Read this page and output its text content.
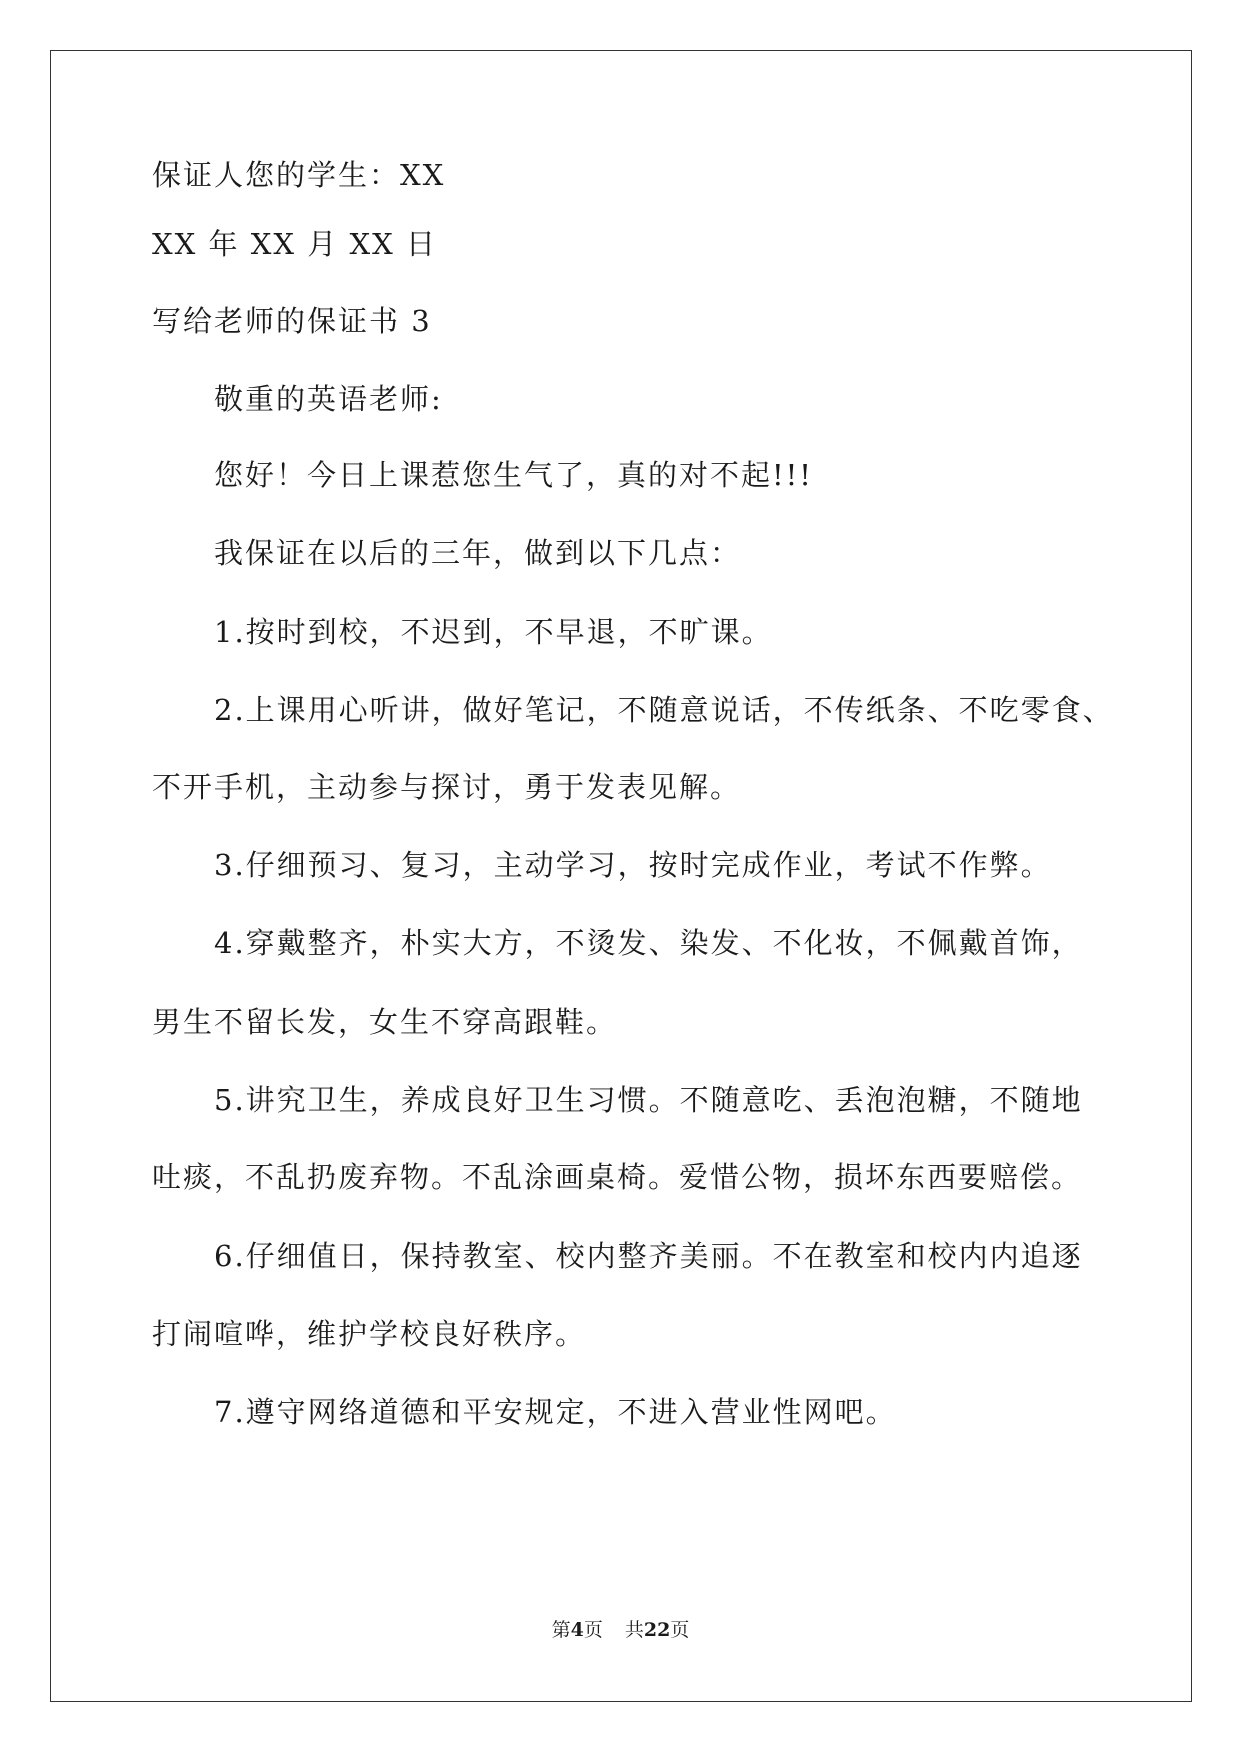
保证人您的学生：XX
XX 年 XX 月 XX 日
写给老师的保证书 3
敬重的英语老师:
您好！今日上课惹您生气了，真的对不起!!!
我保证在以后的三年，做到以下几点：
1.按时到校，不迟到，不早退，不旷课。
2.上课用心听讲，做好笔记，不随意说话，不传纸条、不吃零食、
不开手机，主动参与探讨，勇于发表见解。
3.仔细预习、复习，主动学习，按时完成作业，考试不作弊。
4.穿戴整齐，朴实大方，不烫发、染发、不化妆，不佩戴首饰，
男生不留长发，女生不穿高跟鞋。
5.讲究卫生，养成良好卫生习惯。不随意吃、丢泡泡糖，不随地
吐痰，不乱扔废弃物。不乱涂画桌椅。爱惜公物，损坏东西要赔偿。
6.仔细值日，保持教室、校内整齐美丽。不在教室和校内内追逐
打闹喧哗，维护学校良好秩序。
7.遵守网络道德和平安规定，不进入营业性网吧。
第4页 共22页
